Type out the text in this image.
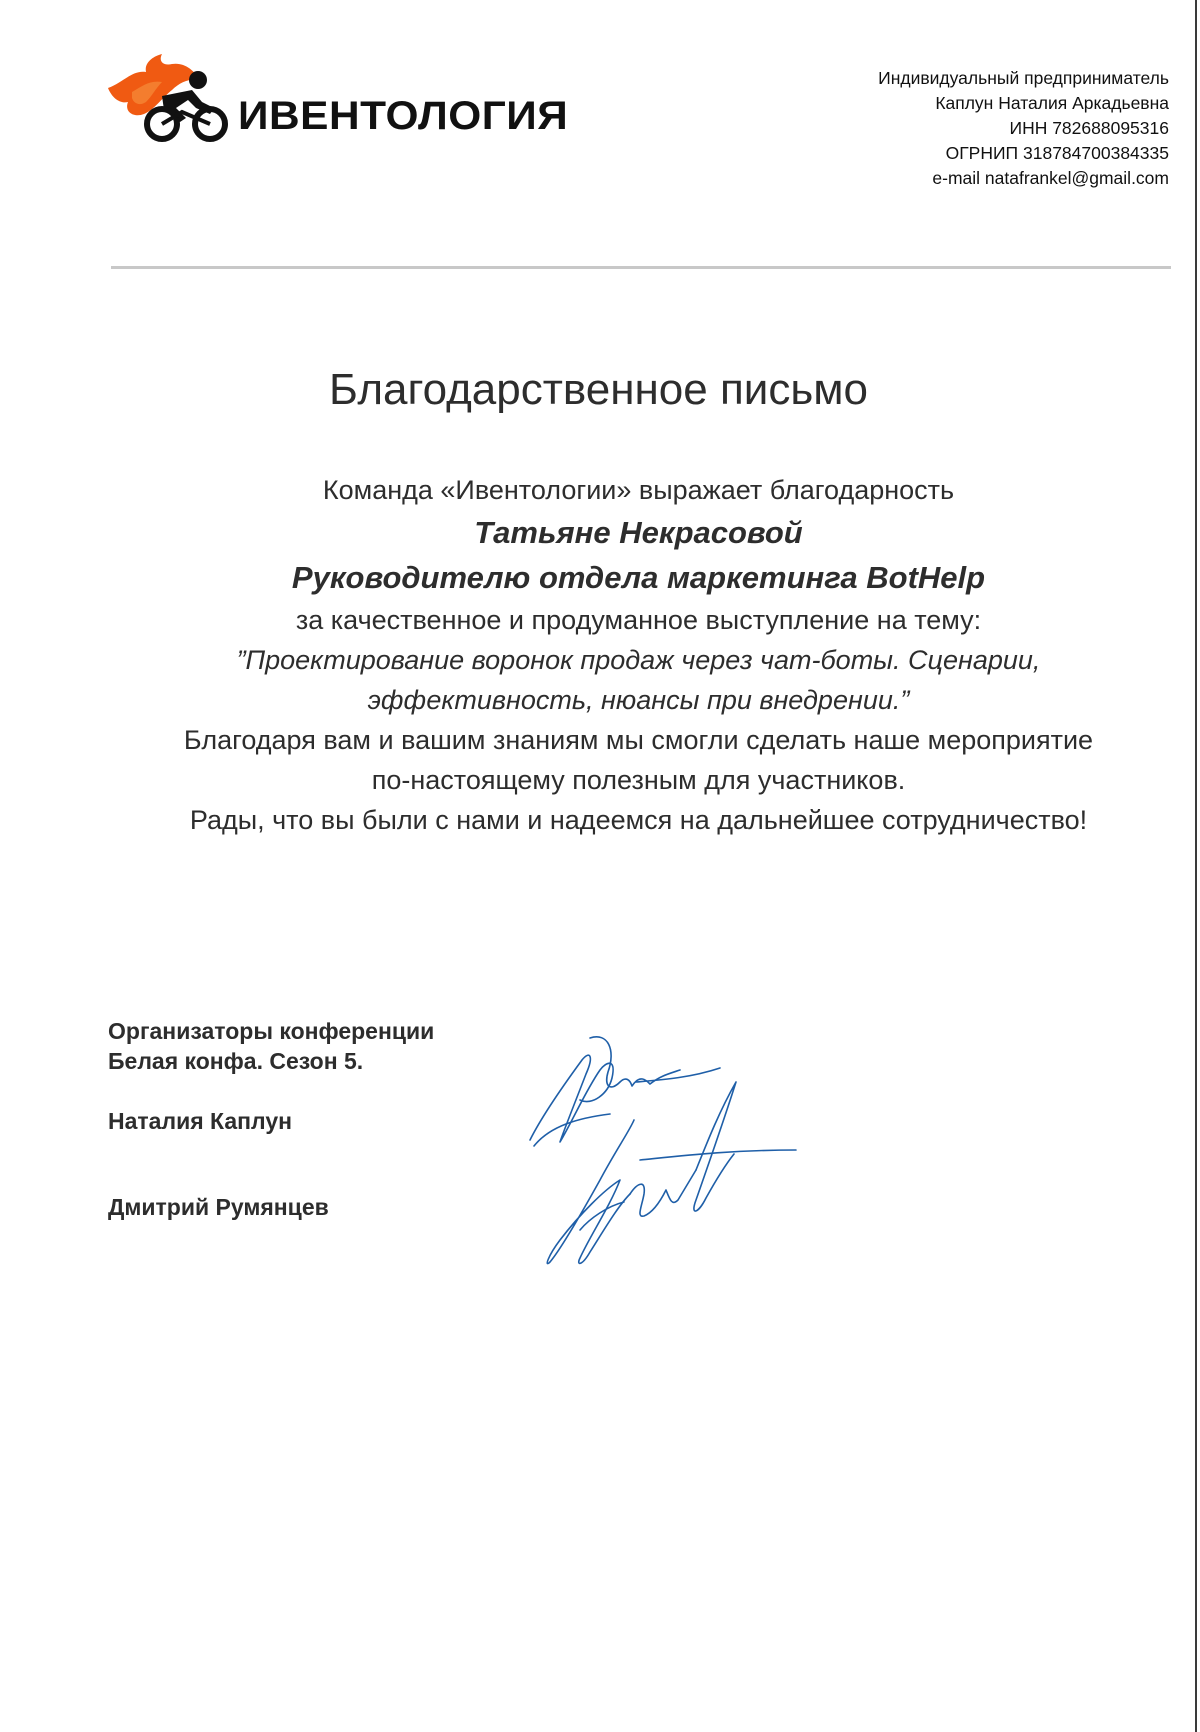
ИВЕНТОЛОГИЯ
Индивидуальный предприниматель
Каплун Наталия Аркадьевна
ИНН 782688095316
ОГРНИП 318784700384335
e-mail natafrankel@gmail.com
Благодарственное письмо
Команда «Ивентологии» выражает благодарность
Татьяне Некрасовой
Руководителю отдела маркетинга BotHelp
за качественное и продуманное выступление на тему:
”Проектирование воронок продаж через чат-боты. Сценарии,
эффективность, нюансы при внедрении.”
Благодаря вам и вашим знаниям мы смогли сделать наше мероприятие
по-настоящему полезным для участников.
Рады, что вы были с нами и надеемся на дальнейшее сотрудничество!
Организаторы конференции
Белая конфа. Сезон 5.
Наталия Каплун
Дмитрий Румянцев
